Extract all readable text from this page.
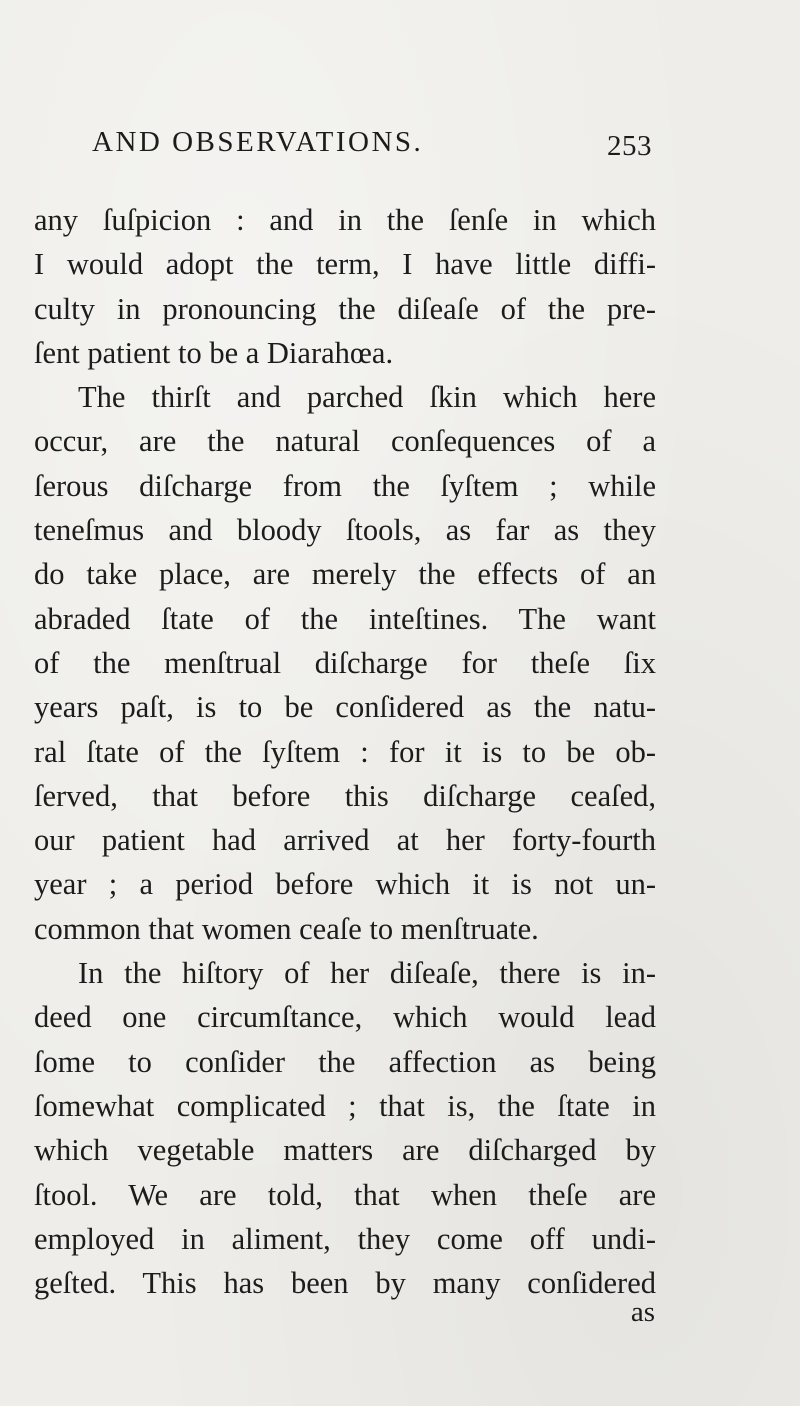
AND OBSERVATIONS.	253
any ſuſpicion : and in the ſenſe in which
I would adopt the term, I have little diffi-
culty in pronouncing the diſeaſe of the pre-
ſent patient to be a Diarahœa.
The thirſt and parched ſkin which here
occur, are the natural conſequences of a
ſerous diſcharge from the ſyſtem ; while
teneſmus and bloody ſtools, as far as they
do take place, are merely the effects of an
abraded ſtate of the inteſtines. The want
of the menſtrual diſcharge for theſe ſix
years paſt, is to be conſidered as the natu-
ral ſtate of the ſyſtem : for it is to be ob-
ſerved, that before this diſcharge ceaſed,
our patient had arrived at her forty-fourth
year ; a period before which it is not un-
common that women ceaſe to menſtruate.
In the hiſtory of her diſeaſe, there is in-
deed one circumſtance, which would lead
ſome to conſider the affection as being
ſomewhat complicated ; that is, the ſtate in
which vegetable matters are diſcharged by
ſtool. We are told, that when theſe are
employed in aliment, they come off undi-
geſted. This has been by many conſidered
as
